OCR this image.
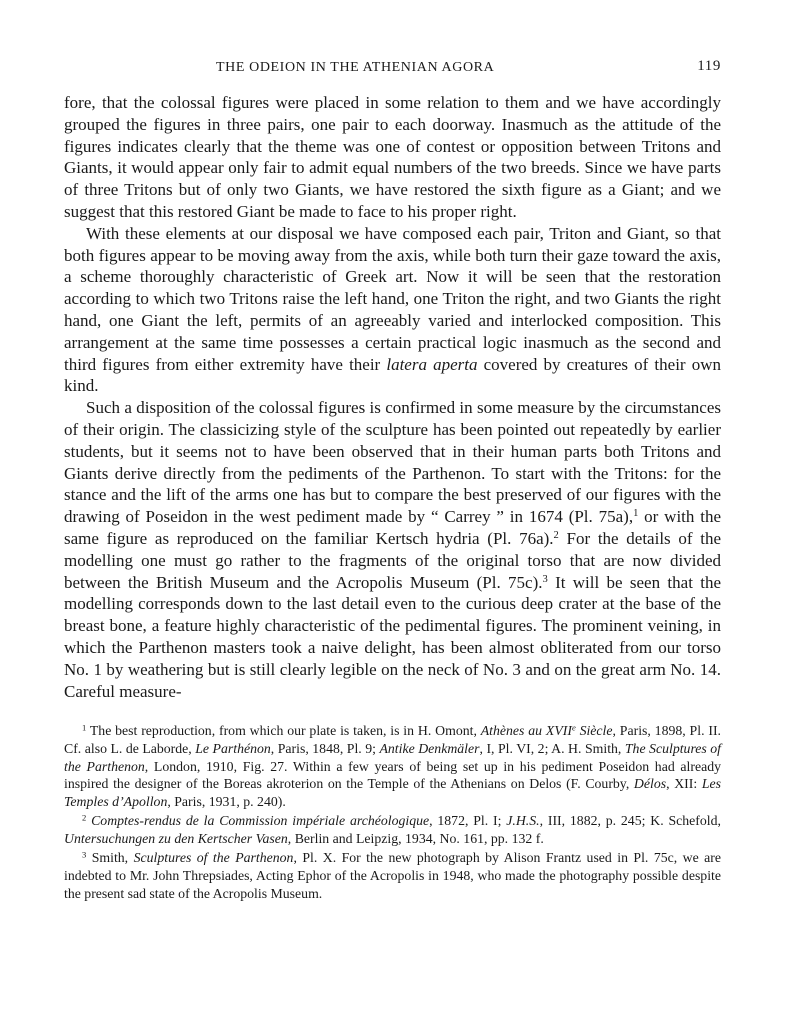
THE ODEION IN THE ATHENIAN AGORA	119

fore, that the colossal figures were placed in some relation to them and we have accordingly grouped the figures in three pairs, one pair to each doorway. Inasmuch as the attitude of the figures indicates clearly that the theme was one of contest or opposition between Tritons and Giants, it would appear only fair to admit equal numbers of the two breeds. Since we have parts of three Tritons but of only two Giants, we have restored the sixth figure as a Giant; and we suggest that this restored Giant be made to face to his proper right.

With these elements at our disposal we have composed each pair, Triton and Giant, so that both figures appear to be moving away from the axis, while both turn their gaze toward the axis, a scheme thoroughly characteristic of Greek art. Now it will be seen that the restoration according to which two Tritons raise the left hand, one Triton the right, and two Giants the right hand, one Giant the left, permits of an agreeably varied and interlocked composition. This arrangement at the same time possesses a certain practical logic inasmuch as the second and third figures from either extremity have their latera aperta covered by creatures of their own kind.

Such a disposition of the colossal figures is confirmed in some measure by the circumstances of their origin. The classicizing style of the sculpture has been pointed out repeatedly by earlier students, but it seems not to have been observed that in their human parts both Tritons and Giants derive directly from the pediments of the Parthenon. To start with the Tritons: for the stance and the lift of the arms one has but to compare the best preserved of our figures with the drawing of Poseidon in the west pediment made by “ Carrey ” in 1674 (Pl. 75a),$^1$ or with the same figure as reproduced on the familiar Kertsch hydria (Pl. 76a).$^2$ For the details of the modelling one must go rather to the fragments of the original torso that are now divided between the British Museum and the Acropolis Museum (Pl. 75c).$^3$ It will be seen that the modelling corresponds down to the last detail even to the curious deep crater at the base of the breast bone, a feature highly characteristic of the pedimental figures. The prominent veining, in which the Parthenon masters took a naive delight, has been almost obliterated from our torso No. 1 by weathering but is still clearly legible on the neck of No. 3 and on the great arm No. 14. Careful measure-

$^1$ The best reproduction, from which our plate is taken, is in H. Omont, Athènes au XVIIe Siècle, Paris, 1898, Pl. II. Cf. also L. de Laborde, Le Parthénon, Paris, 1848, Pl. 9; Antike Denkmäler, I, Pl. VI, 2; A. H. Smith, The Sculptures of the Parthenon, London, 1910, Fig. 27. Within a few years of being set up in his pediment Poseidon had already inspired the designer of the Boreas akroterion on the Temple of the Athenians on Delos (F. Courby, Délos, XII: Les Temples d’Apollon, Paris, 1931, p. 240).

$^2$ Comptes-rendus de la Commission impériale archéologique, 1872, Pl. I; J.H.S., III, 1882, p. 245; K. Schefold, Untersuchungen zu den Kertscher Vasen, Berlin and Leipzig, 1934, No. 161, pp. 132 f.

$^3$ Smith, Sculptures of the Parthenon, Pl. X. For the new photograph by Alison Frantz used in Pl. 75c, we are indebted to Mr. John Threpsiades, Acting Ephor of the Acropolis in 1948, who made the photography possible despite the present sad state of the Acropolis Museum.
